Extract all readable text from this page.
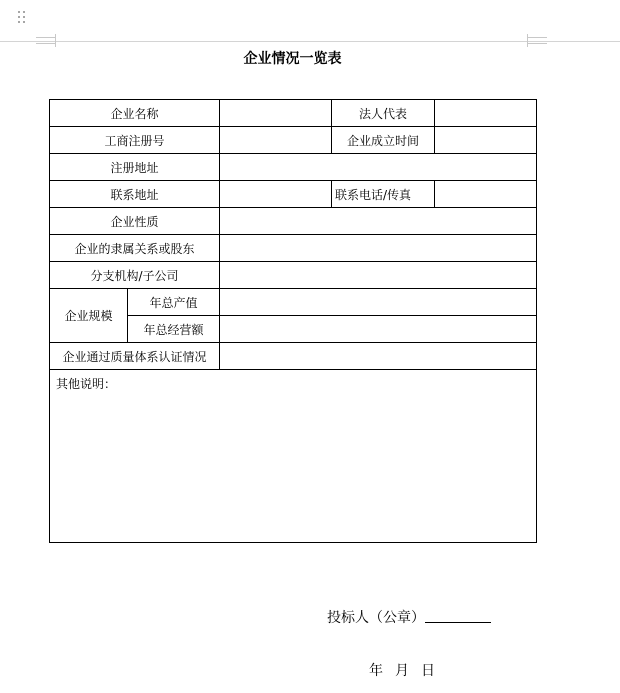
企业情况一览表
企业名称			法人代表	
工商注册号			企业成立时间	
注册地址				
联系地址			联系电话/传真	
企业性质				
企业的隶属关系或股东				
分支机构/子公司				
企业规模	年总产值			
	年总经营额			
企业通过质量体系认证情况				
其他说明：				
投标人（公章）
年 月 日
